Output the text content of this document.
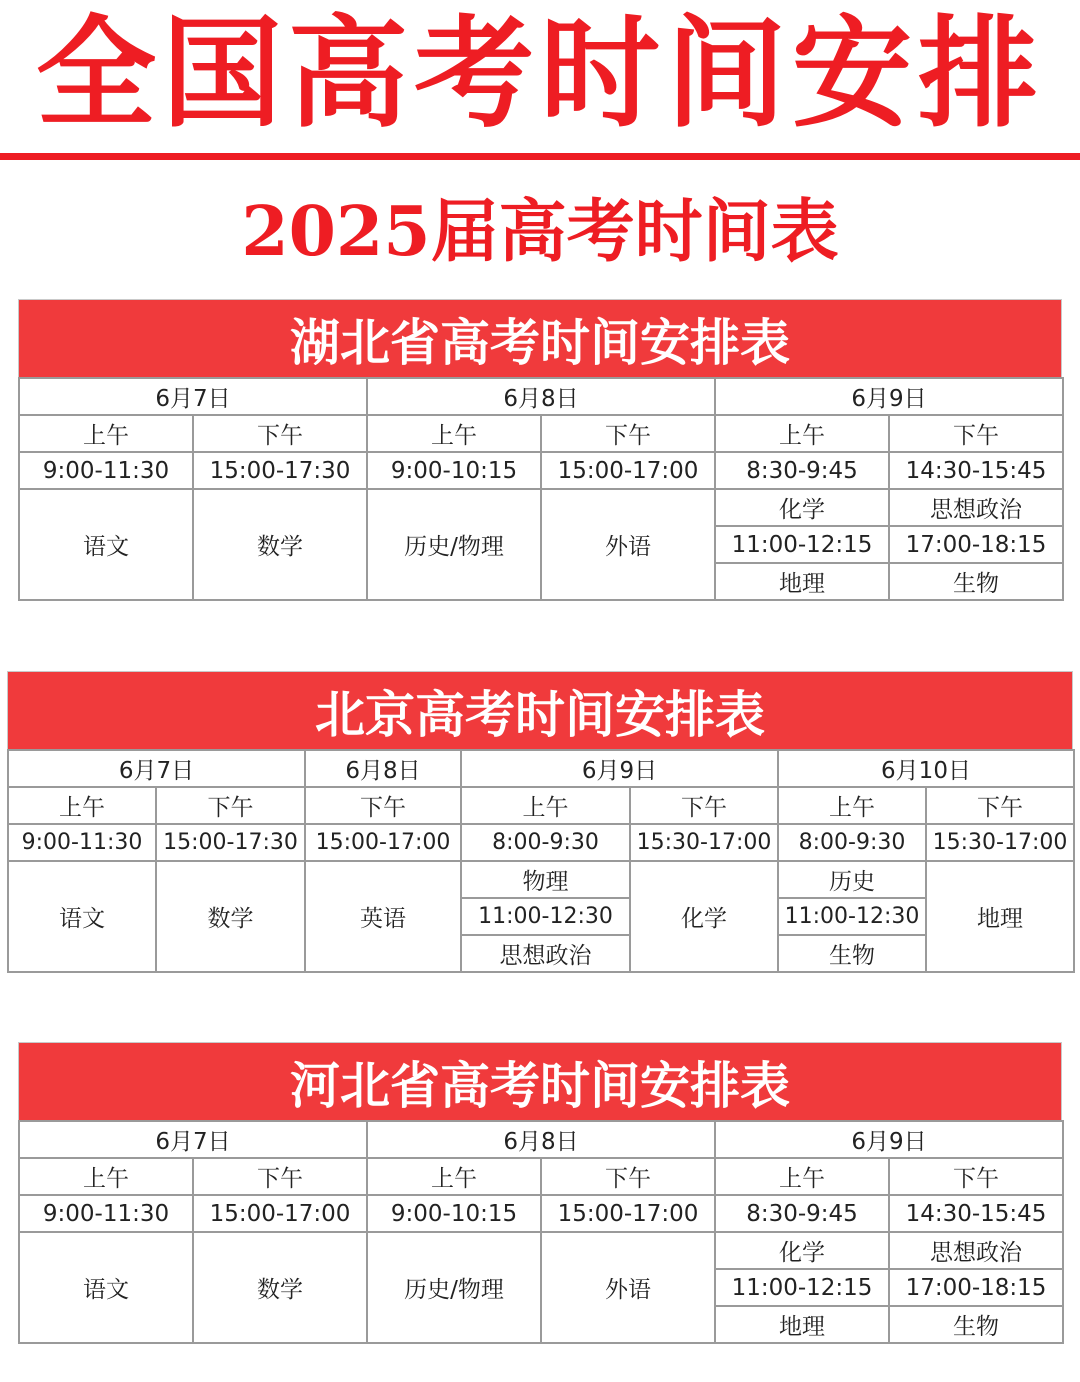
全国高考时间安排
2025届高考时间表
湖北省高考时间安排表
6月7日		6月8日		6月9日	
上午	下午	上午	下午	上午	下午
9:00-11:30	15:00-17:30	9:00-10:15	15:00-17:00	8:30-9:45	14:30-15:45
语文	数学	历史/物理	外语	化学	思想政治
				11:00-12:15	17:00-18:15
				地理	生物
北京高考时间安排表
6月7日		6月8日	6月9日		6月10日	
上午	下午	下午	上午	下午	上午	下午
9:00-11:30	15:00-17:30	15:00-17:00	8:00-9:30	15:30-17:00	8:00-9:30	15:30-17:00
语文	数学	英语	物理	化学	历史	地理
			11:00-12:30		11:00-12:30	
			思想政治		生物	
河北省高考时间安排表
6月7日		6月8日		6月9日	
上午	下午	上午	下午	上午	下午
9:00-11:30	15:00-17:00	9:00-10:15	15:00-17:00	8:30-9:45	14:30-15:45
语文	数学	历史/物理	外语	化学	思想政治
				11:00-12:15	17:00-18:15
				地理	生物
